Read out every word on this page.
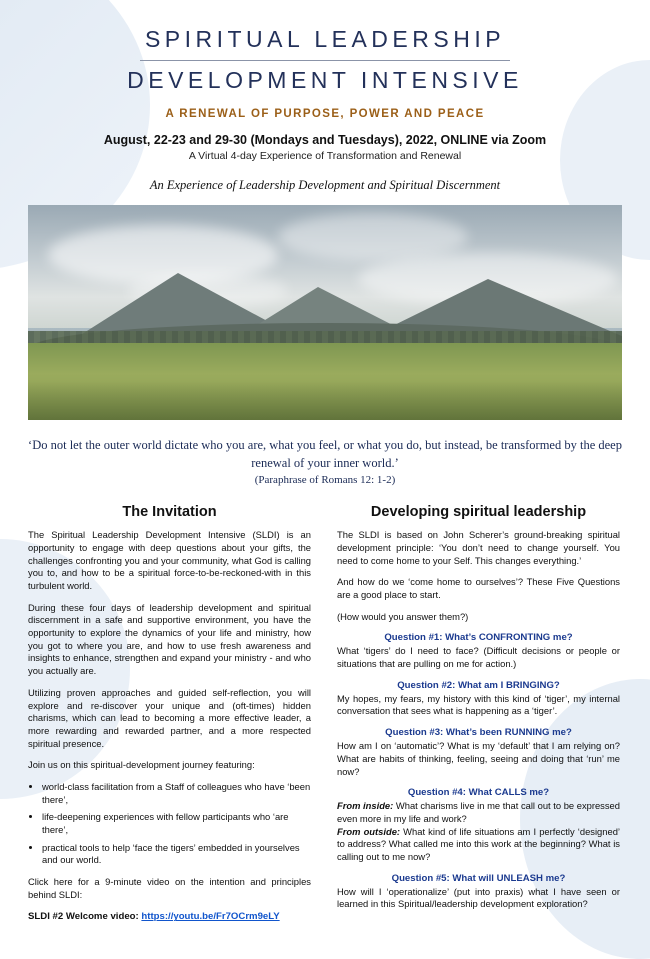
SPIRITUAL LEADERSHIP
DEVELOPMENT INTENSIVE
A RENEWAL OF PURPOSE, POWER AND PEACE
August, 22-23 and 29-30 (Mondays and Tuesdays), 2022, ONLINE via Zoom
A Virtual 4-day Experience of Transformation and Renewal
An Experience of Leadership Development and Spiritual Discernment
‘Do not let the outer world dictate who you are, what you feel, or what you do, but instead, be transformed by the deep renewal of your inner world.’
(Paraphrase of Romans 12: 1-2)
The Invitation

The Spiritual Leadership Development Intensive (SLDI) is an opportunity to engage with deep questions about your gifts, the challenges confronting you and your community, what God is calling you to, and how to be a spiritual force-to-be-reckoned-with in this turbulent world.

During these four days of leadership development and spiritual discernment in a safe and supportive environment, you have the opportunity to explore the dynamics of your life and ministry, how you got to where you are, and how to use fresh awareness and insights to enhance, strengthen and expand your ministry - and who you actually are.

Utilizing proven approaches and guided self-reflection, you will explore and re-discover your unique and (oft-times) hidden charisms, which can lead to becoming a more effective leader, a more rewarding and rewarded partner, and a more respected spiritual presence.

Join us on this spiritual-development journey featuring:

• world-class facilitation from a Staff of colleagues who have ‘been there’,
• life-deepening experiences with fellow participants who ‘are there’,
• practical tools to help ‘face the tigers’ embedded in yourselves and our world.

Click here for a 9-minute video on the intention and principles behind SLDI:

SLDI #2 Welcome video: https://youtu.be/Fr7OCrm9eLY
Developing spiritual leadership

The SLDI is based on John Scherer’s ground-breaking spiritual development principle: ‘You don’t need to change yourself. You need to come home to your Self. This changes everything.’

And how do we ‘come home to ourselves’? These Five Questions are a good place to start.

(How would you answer them?)

Question #1: What’s CONFRONTING me?

What ‘tigers’ do I need to face? (Difficult decisions or people or situations that are pulling on me for action.)

Question #2: What am I BRINGING?

My hopes, my fears, my history with this kind of ‘tiger’, my internal conversation that sees what is happening as a ‘tiger’.

Question #3: What’s been RUNNING me?

How am I on ‘automatic’? What is my ‘default’ that I am relying on? What are habits of thinking, feeling, seeing and doing that ‘run’ me now?

Question #4: What CALLS me?

From inside: What charisms live in me that call out to be expressed even more in my life and work?
From outside: What kind of life situations am I perfectly ‘designed’ to address? What called me into this work at the beginning? What is calling out to me now?

Question #5: What will UNLEASH me?

How will I ‘operationalize’ (put into praxis) what I have seen or learned in this Spiritual/leadership development exploration?
